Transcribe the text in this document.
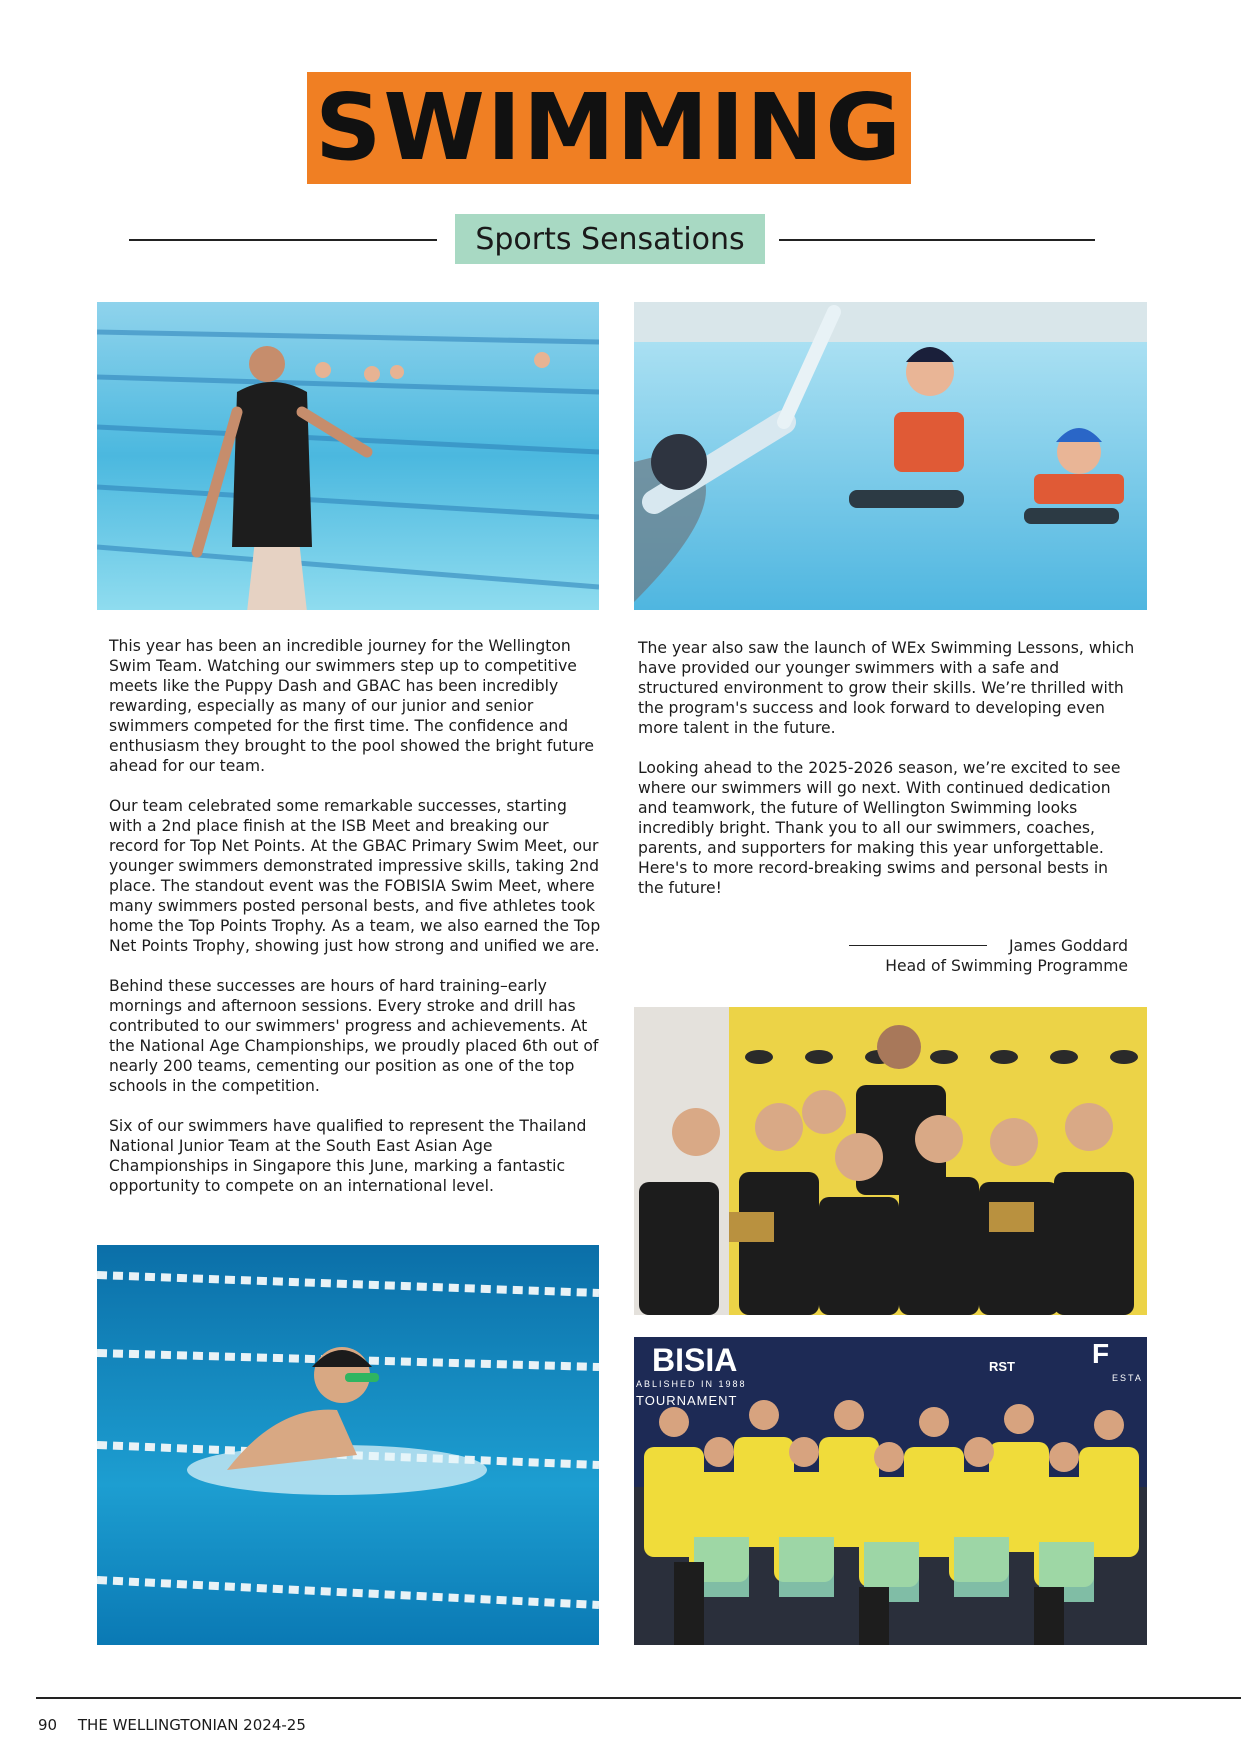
SWIMMING
Sports Sensations

This year has been an incredible journey for the Wellington Swim Team. Watching our swimmers step up to competitive meets like the Puppy Dash and GBAC has been incredibly rewarding, especially as many of our junior and senior swimmers competed for the first time. The confidence and enthusiasm they brought to the pool showed the bright future ahead for our team.

Our team celebrated some remarkable successes, starting with a 2nd place finish at the ISB Meet and breaking our record for Top Net Points. At the GBAC Primary Swim Meet, our younger swimmers demonstrated impressive skills, taking 2nd place. The standout event was the FOBISIA Swim Meet, where many swimmers posted personal bests, and five athletes took home the Top Points Trophy. As a team, we also earned the Top Net Points Trophy, showing just how strong and unified we are.

Behind these successes are hours of hard training–early mornings and afternoon sessions. Every stroke and drill has contributed to our swimmers' progress and achievements. At the National Age Championships, we proudly placed 6th out of nearly 200 teams, cementing our position as one of the top schools in the competition.

Six of our swimmers have qualified to represent the Thailand National Junior Team at the South East Asian Age Championships in Singapore this June, marking a fantastic opportunity to compete on an international level.

The year also saw the launch of WEx Swimming Lessons, which have provided our younger swimmers with a safe and structured environment to grow their skills. We’re thrilled with the program's success and look forward to developing even more talent in the future.

Looking ahead to the 2025-2026 season, we’re excited to see where our swimmers will go next. With continued dedication and teamwork, the future of Wellington Swimming looks incredibly bright. Thank you to all our swimmers, coaches, parents, and supporters for making this year unforgettable. Here's to more record-breaking swims and personal bests in the future!

James Goddard
Head of Swimming Programme
BISIA
ABLISHED IN 1988
TOURNAMENT
RST	F
ESTA
90 THE WELLINGTONIAN 2024-25
